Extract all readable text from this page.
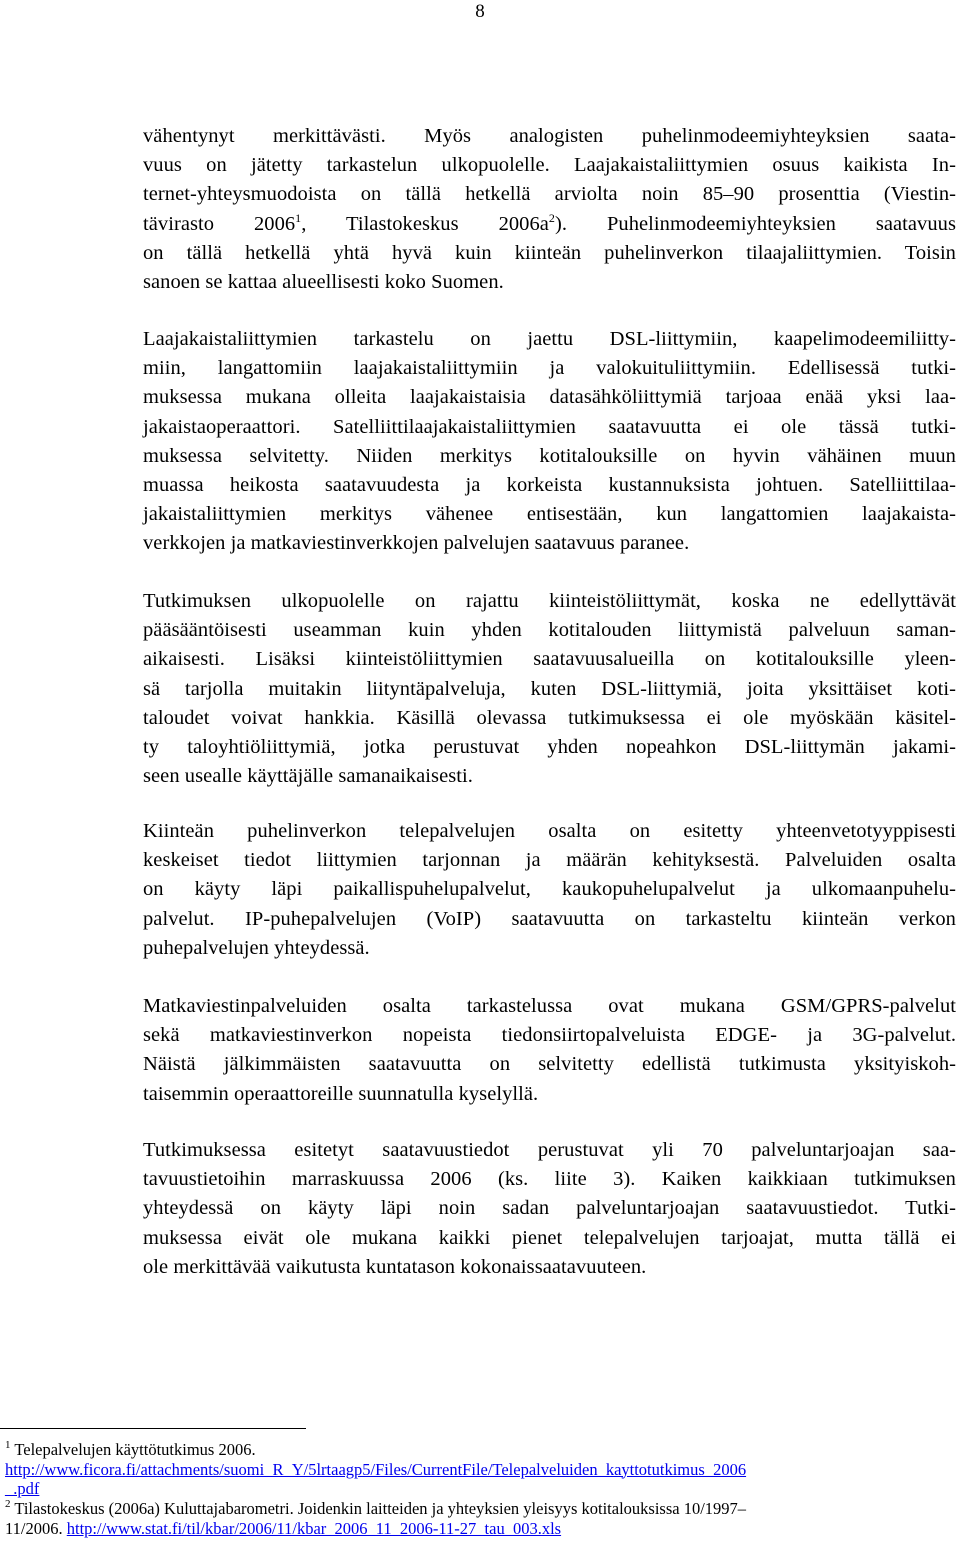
8
vähentynyt merkittävästi. Myös analogisten puhelinmodeemiyhteyksien saata-
vuus on jätetty tarkastelun ulkopuolelle. Laajakaistaliittymien osuus kaikista In-
ternet-yhteysmuodoista on tällä hetkellä arviolta noin 85–90 prosenttia (Viestin-
tävirasto 2006$^1$, Tilastokeskus $2006a^2$). Puhelinmodeemiyhteyksien saatavuus
on tällä hetkellä yhtä hyvä kuin kiinteän puhelinverkon tilaajaliittymien. Toisin
sanoen se kattaa alueellisesti koko Suomen.
Laajakaistaliittymien tarkastelu on jaettu DSL-liittymiin, kaapelimodeemiliitty-
miin, langattomiin laajakaistaliittymiin ja valokuituliittymiin. Edellisessä tutki-
muksessa mukana olleita laajakaistaisia datasähköliittymiä tarjoaa enää yksi laa-
jakaistaoperaattori. Satelliittilaajakaistaliittymien saatavuutta ei ole tässä tutki-
muksessa selvitetty. Niiden merkitys kotitalouksille on hyvin vähäinen muun
muassa heikosta saatavuudesta ja korkeista kustannuksista johtuen. Satelliittilaa-
jakaistaliittymien merkitys vähenee entisestään, kun langattomien laajakaista-
verkkojen ja matkaviestinverkkojen palvelujen saatavuus paranee.
Tutkimuksen ulkopuolelle on rajattu kiinteistöliittymät, koska ne edellyttävät
pääsääntöisesti useamman kuin yhden kotitalouden liittymistä palveluun saman-
aikaisesti. Lisäksi kiinteistöliittymien saatavuusalueilla on kotitalouksille yleen-
sä tarjolla muitakin liityntäpalveluja, kuten DSL-liittymiä, joita yksittäiset koti-
taloudet voivat hankkia. Käsillä olevassa tutkimuksessa ei ole myöskään käsitel-
ty taloyhtiöliittymiä, jotka perustuvat yhden nopeahkon DSL-liittymän jakami-
seen usealle käyttäjälle samanaikaisesti.
Kiinteän puhelinverkon telepalvelujen osalta on esitetty yhteenvetotyyppisesti
keskeiset tiedot liittymien tarjonnan ja määrän kehityksestä. Palveluiden osalta
on käyty läpi paikallispuhelupalvelut, kaukopuhelupalvelut ja ulkomaanpuhelu-
palvelut. IP-puhepalvelujen (VoIP) saatavuutta on tarkasteltu kiinteän verkon
puhepalvelujen yhteydessä.
Matkaviestinpalveluiden osalta tarkastelussa ovat mukana GSM/GPRS-palvelut
sekä matkaviestinverkon nopeista tiedonsiirtopalveluista EDGE- ja 3G-palvelut.
Näistä jälkimmäisten saatavuutta on selvitetty edellistä tutkimusta yksityiskoh-
taisemmin operaattoreille suunnatulla kyselyllä.
Tutkimuksessa esitetyt saatavuustiedot perustuvat yli 70 palveluntarjoajan saa-
tavuustietoihin marraskuussa 2006 (ks. liite 3). Kaiken kaikkiaan tutkimuksen
yhteydessä on käyty läpi noin sadan palveluntarjoajan saatavuustiedot. Tutki-
muksessa eivät ole mukana kaikki pienet telepalvelujen tarjoajat, mutta tällä ei
ole merkittävää vaikutusta kuntatason kokonaissaatavuuteen.
$^1$ Telepalvelujen käyttötutkimus 2006.
http://www.ficora.fi/attachments/suomi_R_Y/5lrtaagp5/Files/CurrentFile/Telepalveluiden_kayttotutkimus_2006
_.pdf
$^2$ Tilastokeskus (2006a) Kuluttajabarometri. Joidenkin laitteiden ja yhteyksien yleisyys kotitalouksissa 10/1997–
11/2006. http://www.stat.fi/til/kbar/2006/11/kbar_2006_11_2006-11-27_tau_003.xls
